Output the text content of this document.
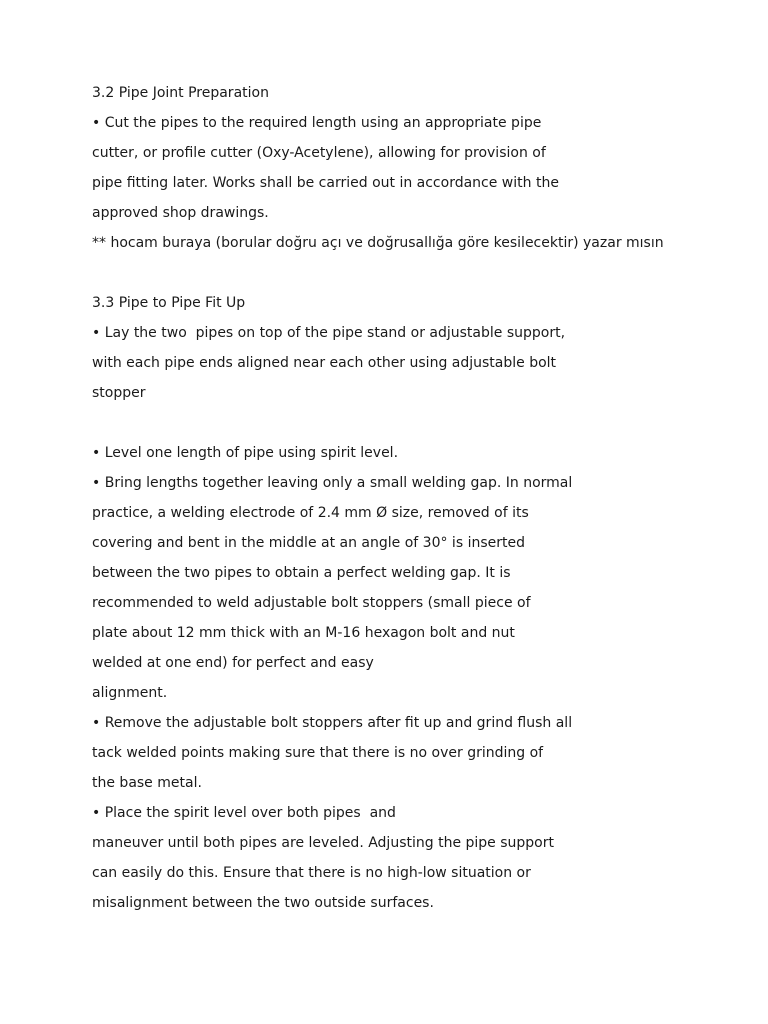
3.2 Pipe Joint Preparation
• Cut the pipes to the required length using an appropriate pipe
cutter, or profile cutter (Oxy-Acetylene), allowing for provision of
pipe fitting later. Works shall be carried out in accordance with the
approved shop drawings.
** hocam buraya (borular doğru açı ve doğrusallığa göre kesilecektir) yazar mısın
3.3 Pipe to Pipe Fit Up
• Lay the two  pipes on top of the pipe stand or adjustable support,
with each pipe ends aligned near each other using adjustable bolt
stopper
• Level one length of pipe using spirit level.
• Bring lengths together leaving only a small welding gap. In normal
practice, a welding electrode of 2.4 mm Ø size, removed of its
covering and bent in the middle at an angle of 30° is inserted
between the two pipes to obtain a perfect welding gap. It is
recommended to weld adjustable bolt stoppers (small piece of
plate about 12 mm thick with an M-16 hexagon bolt and nut
welded at one end) for perfect and easy
alignment.
• Remove the adjustable bolt stoppers after fit up and grind flush all
tack welded points making sure that there is no over grinding of
the base metal.
• Place the spirit level over both pipes  and
maneuver until both pipes are leveled. Adjusting the pipe support
can easily do this. Ensure that there is no high-low situation or
misalignment between the two outside surfaces.
